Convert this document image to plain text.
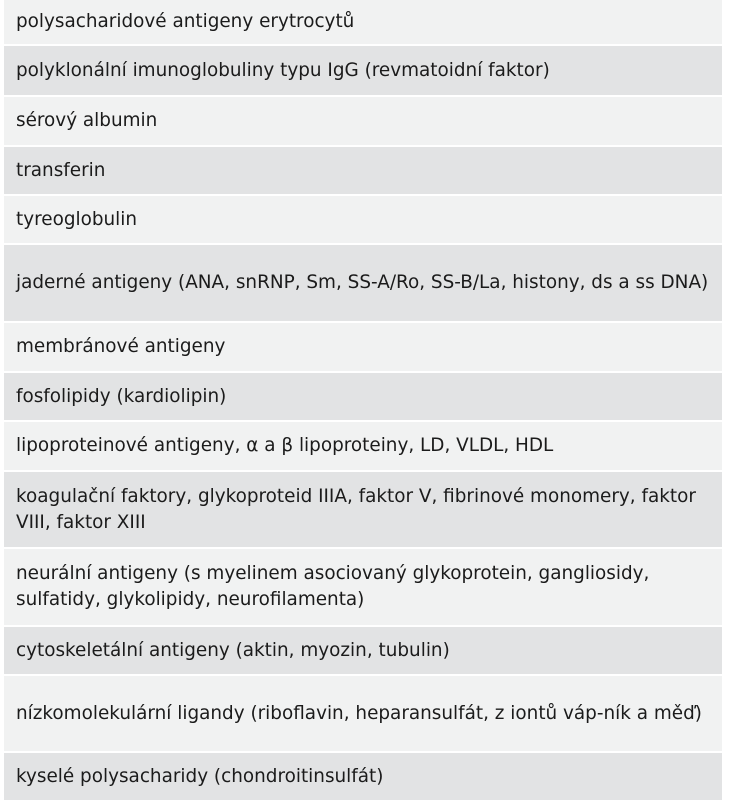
polysacharidové antigeny erytrocytů
polyklonální imunoglobuliny typu IgG (revmatoidní faktor)
sérový albumin
transferin
tyreoglobulin
jaderné antigeny (ANA, snRNP, Sm, SS-A/Ro, SS-B/La, histony, ds a ss DNA)
membránové antigeny
fosfolipidy (kardiolipin)
lipoproteinové antigeny, α a β lipoproteiny, LD, VLDL, HDL
koagulační faktory, glykoproteid IIIA, faktor V, fibrinové monomery, faktor VIII, faktor XIII
neurální antigeny (s myelinem asociovaný glykoprotein, gangliosidy, sulfatidy, glykolipidy, neurofilamenta)
cytoskeletální antigeny (aktin, myozin, tubulin)
nízkomolekulární ligandy (riboflavin, heparansulfát, z iontů váp-ník a měď)
kyselé polysacharidy (chondroitinsulfát)
